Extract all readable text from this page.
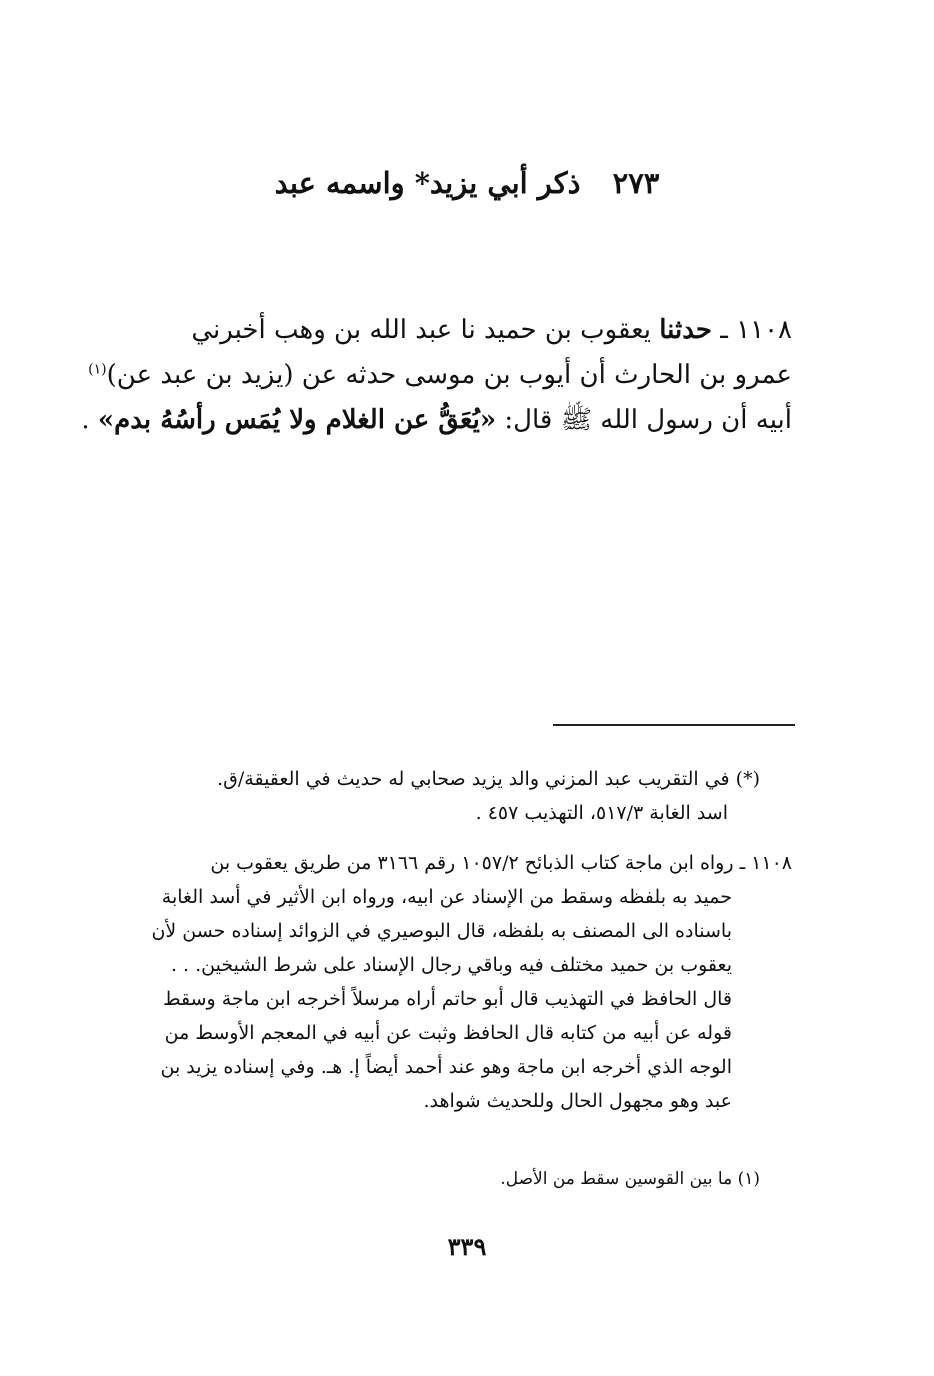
٢٧٣ ذكر أبي يزيد* واسمه عبد
١١٠٨ ـ حدثنا يعقوب بن حميد نا عبد الله بن وهب أخبرني
عمرو بن الحارث أن أيوب بن موسى حدثه عن (يزيد بن عبد عن)$^{(١)}$
أبيه أن رسول الله ﷺ قال: «يُعَقُّ عن الغلام ولا يُمَس رأسُهُ بدم» .
(*) في التقريب عبد المزني والد يزيد صحابي له حديث في العقيقة/ق.
اسد الغابة ٥١٧/٣، التهذيب ٤٥٧ .
١١٠٨ ـ رواه ابن ماجة كتاب الذبائح ١٠٥٧/٢ رقم ٣١٦٦ من طريق يعقوب بن
حميد به بلفظه وسقط من الإسناد عن ابيه، ورواه ابن الأثير في أسد الغابة
باسناده الى المصنف به بلفظه، قال البوصيري في الزوائد إسناده حسن لأن
يعقوب بن حميد مختلف فيه وباقي رجال الإسناد على شرط الشيخين. . .
قال الحافظ في التهذيب قال أبو حاتم أراه مرسلاً أخرجه ابن ماجة وسقط
قوله عن أبيه من كتابه قال الحافظ وثبت عن أبيه في المعجم الأوسط من
الوجه الذي أخرجه ابن ماجة وهو عند أحمد أيضاً إ. هـ. وفي إسناده يزيد بن
عبد وهو مجهول الحال وللحديث شواهد.
(١) ما بين القوسين سقط من الأصل.
٣٣٩
